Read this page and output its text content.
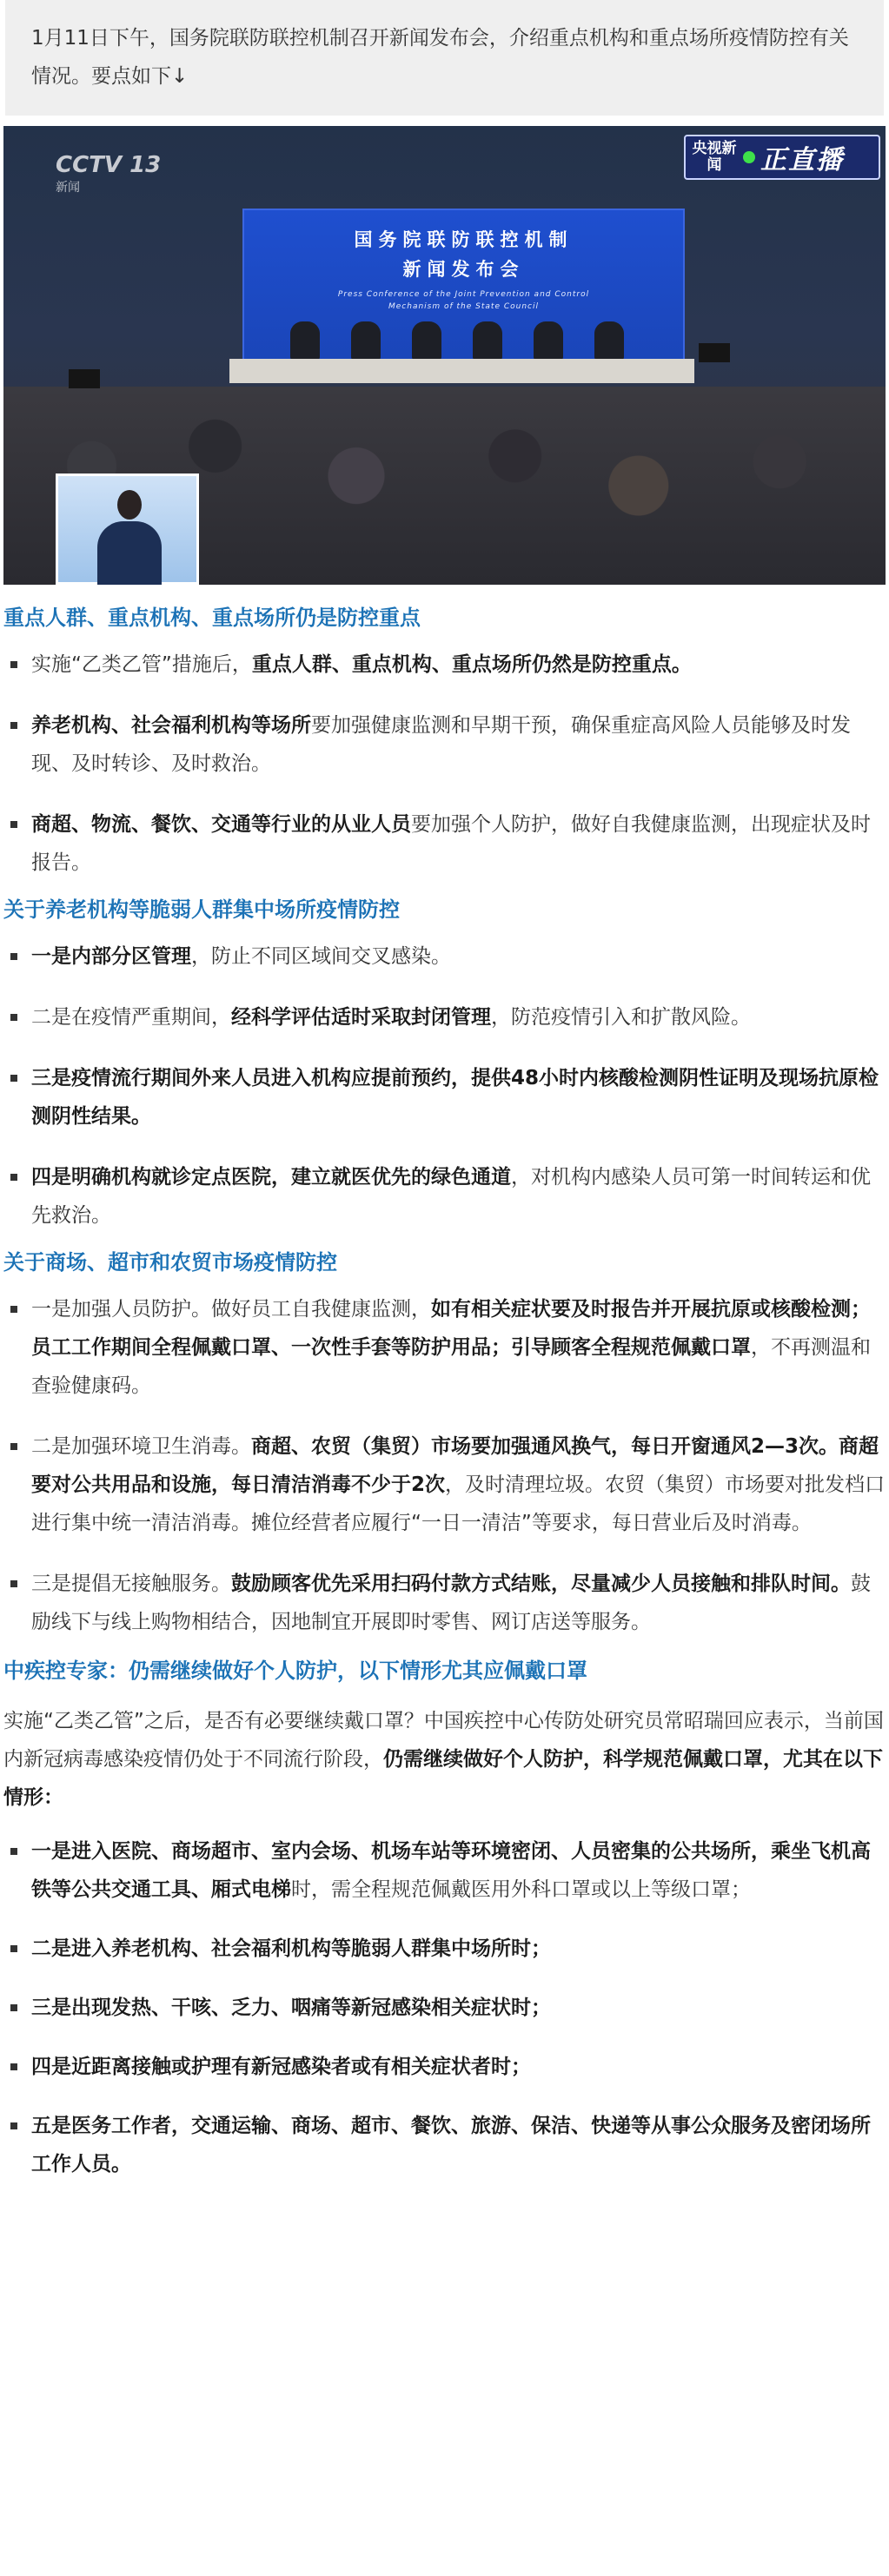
1月11日下午，国务院联防联控机制召开新闻发布会，介绍重点机构和重点场所疫情防控有关情况。要点如下↓
国务院联防联控机制
新闻发布会
Press Conference of the Joint Prevention and Control
Mechanism of the State Council
CCTV 13
新闻
央视新闻	正直播
重点人群、重点机构、重点场所仍是防控重点
实施“乙类乙管”措施后，重点人群、重点机构、重点场所仍然是防控重点。
养老机构、社会福利机构等场所要加强健康监测和早期干预，确保重症高风险人员能够及时发现、及时转诊、及时救治。
商超、物流、餐饮、交通等行业的从业人员要加强个人防护，做好自我健康监测，出现症状及时报告。
关于养老机构等脆弱人群集中场所疫情防控
一是内部分区管理，防止不同区域间交叉感染。
二是在疫情严重期间，经科学评估适时采取封闭管理，防范疫情引入和扩散风险。
三是疫情流行期间外来人员进入机构应提前预约，提供48小时内核酸检测阴性证明及现场抗原检测阴性结果。
四是明确机构就诊定点医院，建立就医优先的绿色通道，对机构内感染人员可第一时间转运和优先救治。
关于商场、超市和农贸市场疫情防控
一是加强人员防护。做好员工自我健康监测，如有相关症状要及时报告并开展抗原或核酸检测；员工工作期间全程佩戴口罩、一次性手套等防护用品；引导顾客全程规范佩戴口罩，不再测温和查验健康码。
二是加强环境卫生消毒。商超、农贸（集贸）市场要加强通风换气，每日开窗通风2—3次。商超要对公共用品和设施，每日清洁消毒不少于2次，及时清理垃圾。农贸（集贸）市场要对批发档口进行集中统一清洁消毒。摊位经营者应履行“一日一清洁”等要求，每日营业后及时消毒。
三是提倡无接触服务。鼓励顾客优先采用扫码付款方式结账，尽量减少人员接触和排队时间。鼓励线下与线上购物相结合，因地制宜开展即时零售、网订店送等服务。
中疾控专家：仍需继续做好个人防护，以下情形尤其应佩戴口罩

实施“乙类乙管”之后，是否有必要继续戴口罩？中国疾控中心传防处研究员常昭瑞回应表示，当前国内新冠病毒感染疫情仍处于不同流行阶段，仍需继续做好个人防护，科学规范佩戴口罩，尤其在以下情形：

一是进入医院、商场超市、室内会场、机场车站等环境密闭、人员密集的公共场所，乘坐飞机高铁等公共交通工具、厢式电梯时，需全程规范佩戴医用外科口罩或以上等级口罩；
二是进入养老机构、社会福利机构等脆弱人群集中场所时；
三是出现发热、干咳、乏力、咽痛等新冠感染相关症状时；
四是近距离接触或护理有新冠感染者或有相关症状者时；
五是医务工作者，交通运输、商场、超市、餐饮、旅游、保洁、快递等从事公众服务及密闭场所工作人员。
